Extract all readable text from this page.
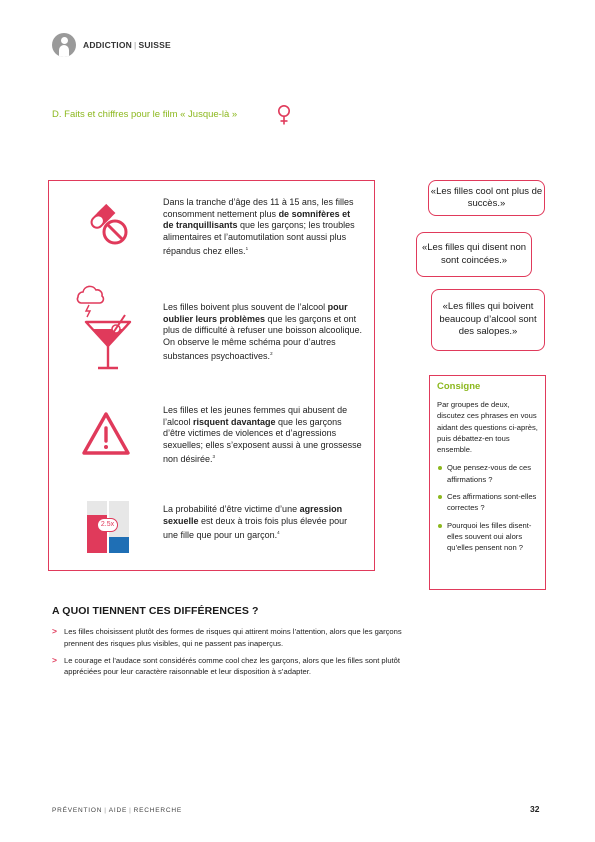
ADDICTION | SUISSE
D. Faits et chiffres pour le film « Jusque-là »
Dans la tranche d’âge des 11 à 15 ans, les filles consomment nettement plus de somnifères et de tranquillisants que les garçons; les troubles alimentaires et l’automutilation sont aussi plus répandus chez elles.$^1$
Les filles boivent plus souvent de l’alcool pour oublier leurs problèmes que les garçons et ont plus de difficulté à refuser une boisson alcoolique. On observe le même schéma pour d’autres substances psychoactives.$^2$
Les filles et les jeunes femmes qui abusent de l’alcool risquent davantage que les garçons d’être victimes de violences et d’agressions sexuelles; elles s’exposent aussi à une grossesse non désirée.$^3$
2.5x
La probabilité d’être victime d’une agression sexuelle est deux à trois fois plus élevée pour une fille que pour un garçon.$^4$
«Les filles cool ont plus de succès.»
«Les filles qui disent non sont coincées.»
«Les filles qui boivent beaucoup d’alcool sont des salopes.»
Consigne
Par groupes de deux, discutez ces phrases en vous aidant des questions ci-après, puis débattez-en tous ensemble.
Que pensez-vous de ces affirmations ?
Ces affirmations sont-elles correctes ?
Pourquoi les filles disent-elles souvent oui alors qu’elles pensent non ?
A QUOI TIENNENT CES DIFFÉRENCES ?
> Les filles choisissent plutôt des formes de risques qui attirent moins l’attention, alors que les garçons prennent des risques plus visibles, qui ne passent pas inaperçus.
> Le courage et l’audace sont considérés comme cool chez les garçons, alors que les filles sont plutôt appréciées pour leur caractère raisonnable et leur disposition à s’adapter.
PRÉVENTION | AIDE | RECHERCHE	32
